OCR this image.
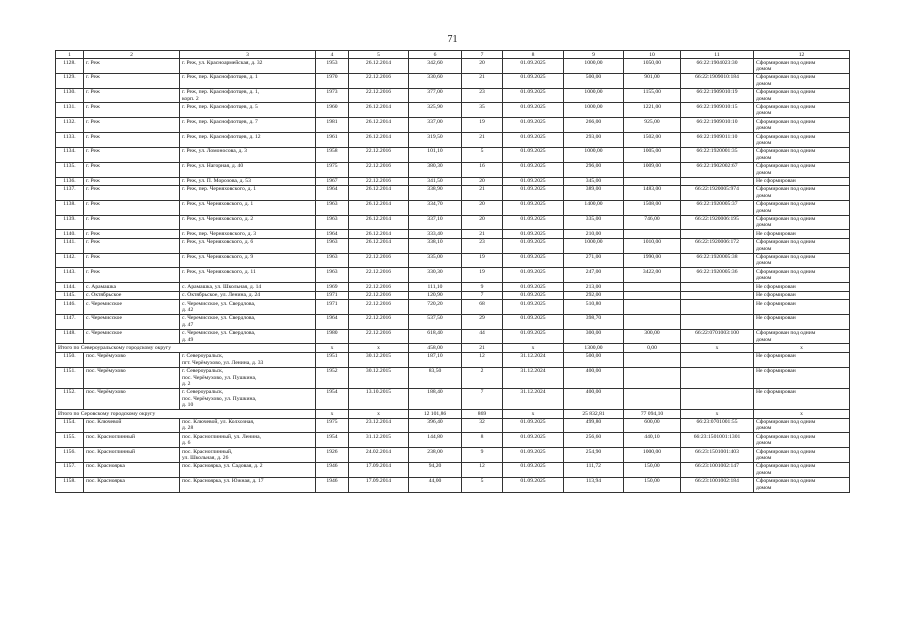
71
1	2	3	4	5	6	7	8	9	10	11	12
1128.	г. Реж	г. Реж, ул. Красноармейская, д. 32	1953	26.12.2014	342,60	20	01.09.2025	1000,00	1050,00	66:22:1904023:30	Сформирован под одним
домом
1129.	г. Реж	г. Реж, пер. Краснофлотцев, д. 1	1970	22.12.2016	330,60	21	01.09.2025	500,00	901,00	66:22:1909010:184	Сформирован под одним
домом
1130.	г. Реж	г. Реж, пер. Краснофлотцев, д. 1,
корп. 2	1973	22.12.2016	377,00	23	01.09.2025	1000,00	1155,00	66:22:1909010:19	Сформирован под одним
домом
1131.	г. Реж	г. Реж, пер. Краснофлотцев, д. 5	1960	26.12.2014	325,90	35	01.09.2025	1000,00	1221,00	66:22:1909010:15	Сформирован под одним
домом
1132.	г. Реж	г. Реж, пер. Краснофлотцев, д. 7	1981	26.12.2014	337,00	19	01.09.2025	266,00	925,00	66:22:1909010:10	Сформирован под одним
домом
1133.	г. Реж	г. Реж, пер. Краснофлотцев, д. 12	1961	26.12.2014	319,50	21	01.09.2025	293,00	1502,00	66:22:1909011:10	Сформирован под одним
домом
1134.	г. Реж	г. Реж, ул. Ломоносова, д. 3	1958	22.12.2016	101,10	5	01.09.2025	1000,00	1005,00	66:22:1920001:35	Сформирован под одним
домом
1135.	г. Реж	г. Реж, ул. Нагорная, д. 40	1975	22.12.2016	380,30	16	01.09.2025	296,00	1009,00	66:22:1902002:67	Сформирован под одним
домом
1136.	г. Реж	г. Реж, ул. П. Морозова, д. 53	1967	22.12.2016	341,50	20	01.09.2025	345,00			Не сформирован
1137.	г. Реж	г. Реж, пер. Черняховского, д. 1	1964	26.12.2014	338,90	21	01.09.2025	389,00	1483,00	66:22:1920005:974	Сформирован под одним
домом
1138.	г. Реж	г. Реж, ул. Черняховского, д. 1	1963	26.12.2014	334,70	20	01.09.2025	1400,00	1508,00	66:22:1920005:37	Сформирован под одним
домом
1139.	г. Реж	г. Реж, ул. Черняховского, д. 2	1963	26.12.2014	337,10	20	01.09.2025	335,00	746,00	66:22:1920006:195	Сформирован под одним
домом
1140.	г. Реж	г. Реж, пер. Черняховского, д. 3	1964	26.12.2014	333,40	21	01.09.2025	210,00			Не сформирован
1141.	г. Реж	г. Реж, ул. Черняховского, д. 6	1963	26.12.2014	338,10	23	01.09.2025	1000,00	1010,00	66:22:1920006:172	Сформирован под одним
домом
1142.	г. Реж	г. Реж, ул. Черняховского, д. 9	1963	22.12.2016	335,00	19	01.09.2025	271,00	1990,00	66:22:1920005:38	Сформирован под одним
домом
1143.	г. Реж	г. Реж, ул. Черняховского, д. 11	1963	22.12.2016	330,30	19	01.09.2025	247,00	3422,00	66:22:1920005:36	Сформирован под одним
домом
1144.	с. Арамашка	с. Арамашка, ул. Школьная, д. 14	1969	22.12.2016	111,10	9	01.09.2025	213,00			Не сформирован
1145.	с. Октябрьское	с. Октябрьское, ул. Ленина, д. 24	1971	22.12.2016	120,90	7	01.09.2025	292,00			Не сформирован
1146.	с. Черемисское	с. Черемисское, ул. Свердлова,
д. 42	1971	22.12.2016	720,20	68	01.09.2025	510,80			Не сформирован
1147.	с. Черемисское	с. Черемисское, ул. Свердлова,
д. 47	1964	22.12.2016	537,50	29	01.09.2025	398,70			Не сформирован
1148.	с. Черемисское	с. Черемисское, ул. Свердлова,
д. 49	1980	22.12.2016	618,40	44	01.09.2025	300,00	300,00	66:22:0701003:100	Сформирован под одним
домом
Итого по Североуральскому городскому округу			х	х	458,00	21	х	1300,00	0,00	х	х
1150.	пос. Черёмухово	г. Североуральск,
пгт. Черёмухово, ул. Ленина, д. 33	1951	30.12.2015	187,10	12	31.12.2024	500,00			Не сформирован
1151.	пос. Черёмухово	г. Североуральск,
пос. Черёмухово, ул. Пушкина,
д. 2	1952	30.12.2015	83,50	2	31.12.2024	400,00			Не сформирован
1152.	пос. Черёмухово	г. Североуральск,
пос. Черёмухово, ул. Пушкина,
д. 10	1954	13.10.2015	188,40	7	31.12.2024	400,00			Не сформирован
Итого по Серовскому городскому округу			х	х	12 101,86	869	х	25 832,81	77 094,10	х	х
1154.	пос. Ключевой	пос. Ключевой, ул. Колхозная,
д. 28	1975	23.12.2014	396,40	32	01.09.2025	499,80	600,00	66:23:0701001:55	Сформирован под одним
домом
1155.	пос. Красноглинный	пос. Красноглинный, ул. Ленина,
д. 6	1954	31.12.2015	144,80	8	01.09.2025	256,60	440,10	66:23:1501001:1301	Сформирован под одним
домом
1156.	пос. Красноглинный	пос. Красноглинный,
ул. Школьная, д. 26	1926	24.02.2014	238,00	9	01.09.2025	254,90	1000,00	66:23:1501001:403	Сформирован под одним
домом
1157.	пос. Красноярка	пос. Красноярка, ул. Садовая, д. 2	1946	17.09.2014	94,20	12	01.09.2025	111,72	150,00	66:23:1001002:147	Сформирован под одним
домом
1158.	пос. Красноярка	пос. Красноярка, ул. Южная, д. 17	1946	17.09.2014	44,00	5	01.09.2025	113,94	150,00	66:23:1001002:184	Сформирован под одним
домом
